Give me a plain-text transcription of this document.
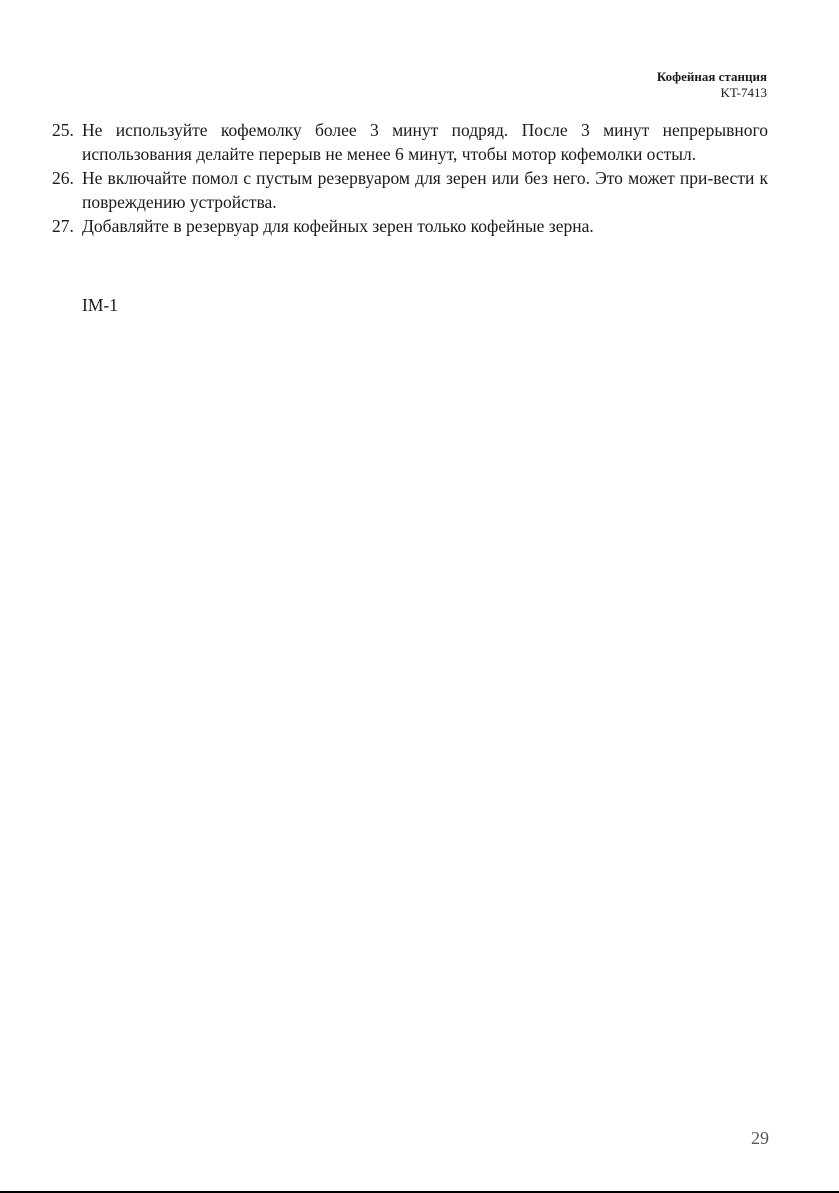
Кофейная станция
KT-7413
25. Не используйте кофемолку более 3 минут подряд. После 3 минут непрерывного использования делайте перерыв не менее 6 минут, чтобы мотор кофемолки остыл.
26. Не включайте помол с пустым резервуаром для зерен или без него. Это может при-вести к повреждению устройства.
27. Добавляйте в резервуар для кофейных зерен только кофейные зерна.
IM-1
29
